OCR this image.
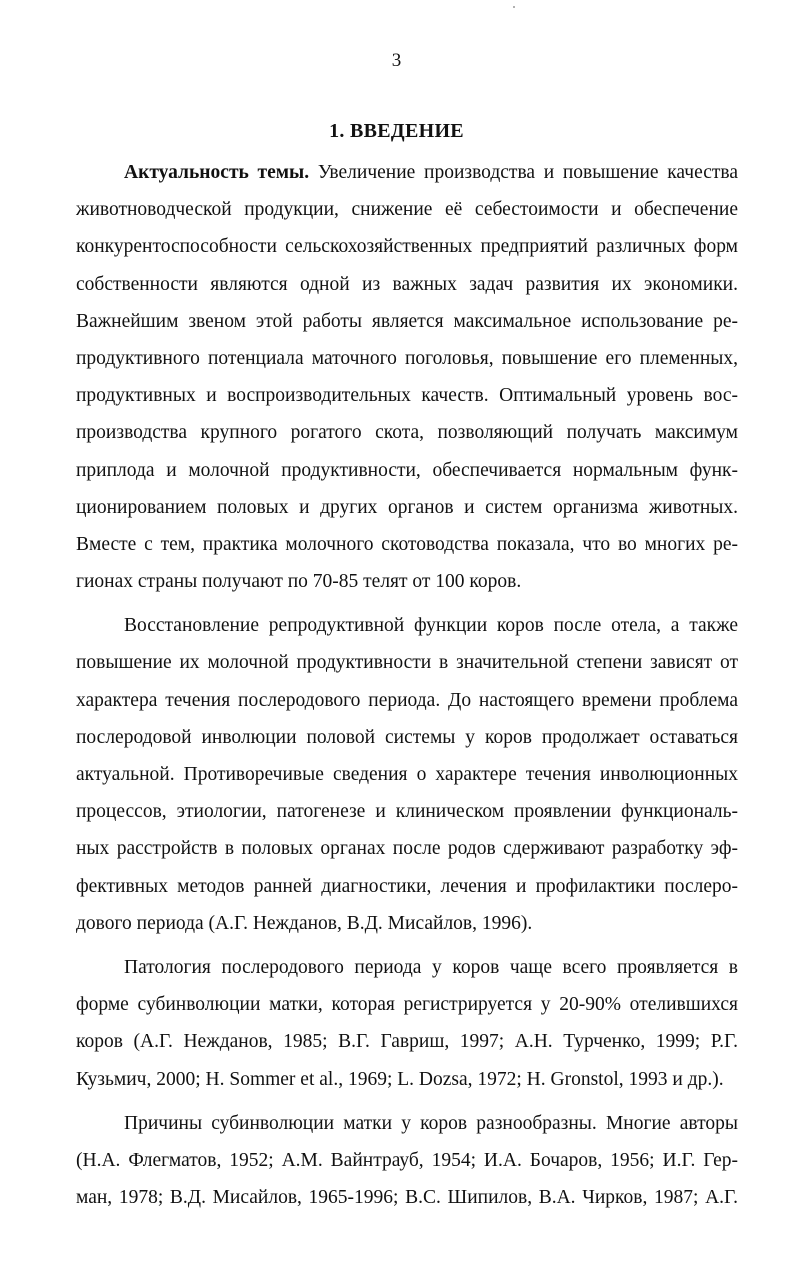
3
1. ВВЕДЕНИЕ
Актуальность темы. Увеличение производства и повышение качества
животноводческой продукции, снижение её себестоимости и обеспечение
конкурентоспособности сельскохозяйственных предприятий различных форм
собственности являются одной из важных задач развития их экономики.
Важнейшим звеном этой работы является максимальное использование ре-
продуктивного потенциала маточного поголовья, повышение его племенных,
продуктивных и воспроизводительных качеств. Оптимальный уровень вос-
производства крупного рогатого скота, позволяющий получать максимум
приплода и молочной продуктивности, обеспечивается нормальным функ-
ционированием половых и других органов и систем организма животных.
Вместе с тем, практика молочного скотоводства показала, что во многих ре-
гионах страны получают по 70-85 телят от 100 коров.
Восстановление репродуктивной функции коров после отела, а также
повышение их молочной продуктивности в значительной степени зависят от
характера течения послеродового периода. До настоящего времени проблема
послеродовой инволюции половой системы у коров продолжает оставаться
актуальной. Противоречивые сведения о характере течения инволюционных
процессов, этиологии, патогенезе и клиническом проявлении функциональ-
ных расстройств в половых органах после родов сдерживают разработку эф-
фективных методов ранней диагностики, лечения и профилактики послеро-
дового периода (А.Г. Нежданов, В.Д. Мисайлов, 1996).
Патология послеродового периода у коров чаще всего проявляется в
форме субинволюции матки, которая регистрируется у 20-90% отелившихся
коров (А.Г. Нежданов, 1985; В.Г. Гавриш, 1997; А.Н. Турченко, 1999; Р.Г.
Кузьмич, 2000; H. Sommer et al., 1969; L. Dozsa, 1972; H. Gronstol, 1993 и др.).
Причины субинволюции матки у коров разнообразны. Многие авторы
(Н.А. Флегматов, 1952; А.М. Вайнтрауб, 1954; И.А. Бочаров, 1956; И.Г. Гер-
ман, 1978; В.Д. Мисайлов, 1965-1996; В.С. Шипилов, В.А. Чирков, 1987; А.Г.
